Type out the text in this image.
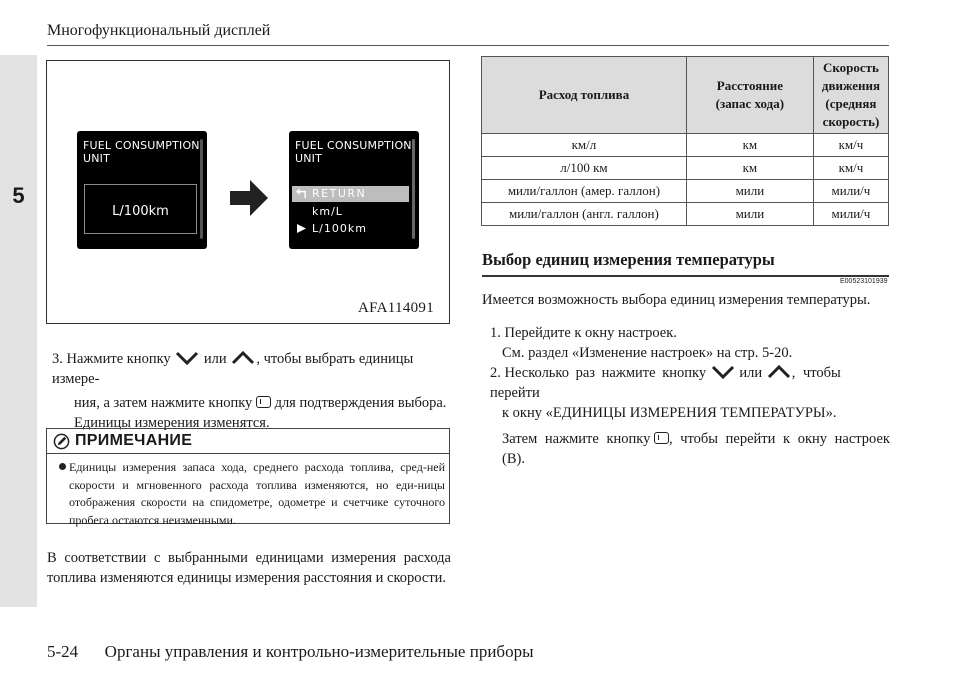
5
Многофункциональный дисплей
FUEL CONSUMPTION
UNIT
L/100km
FUEL CONSUMPTION
UNIT
RETURN
km/L
L/100km
AFA114091
3. Нажмите кнопку или , чтобы выбрать единицы измере-
ния, а затем нажмите кнопку для подтверждения выбора.
Единицы измерения изменятся.
ПРИМЕЧАНИЕ
Единицы измерения запаса хода, среднего расхода топлива, сред-ней скорости и мгновенного расхода топлива изменяются, но еди-ницы отображения скорости на спидометре, одометре и счетчике суточного пробега остаются неизменными.
В соответствии с выбранными единицами измерения расхода топлива изменяются единицы измерения расстояния и скорости.
Расход топлива	Расстояние (запас хода)	Скорость движения (средняя скорость)
км/л	км	км/ч
л/100 км	км	км/ч
мили/галлон (амер. галлон)	мили	мили/ч
мили/галлон (англ. галлон)	мили	мили/ч
Выбор единиц измерения температуры
E00523101939
Имеется возможность выбора единиц измерения температуры.
1. Перейдите к окну настроек.
См. раздел «Изменение настроек» на стр. 5-20.
2. Несколько раз нажмите кнопку или , чтобы перейти
к окну «ЕДИНИЦЫ ИЗМЕРЕНИЯ ТЕМПЕРАТУРЫ».
Затем нажмите кнопку , чтобы перейти к окну настроек
(B).
5-24 Органы управления и контрольно-измерительные приборы
